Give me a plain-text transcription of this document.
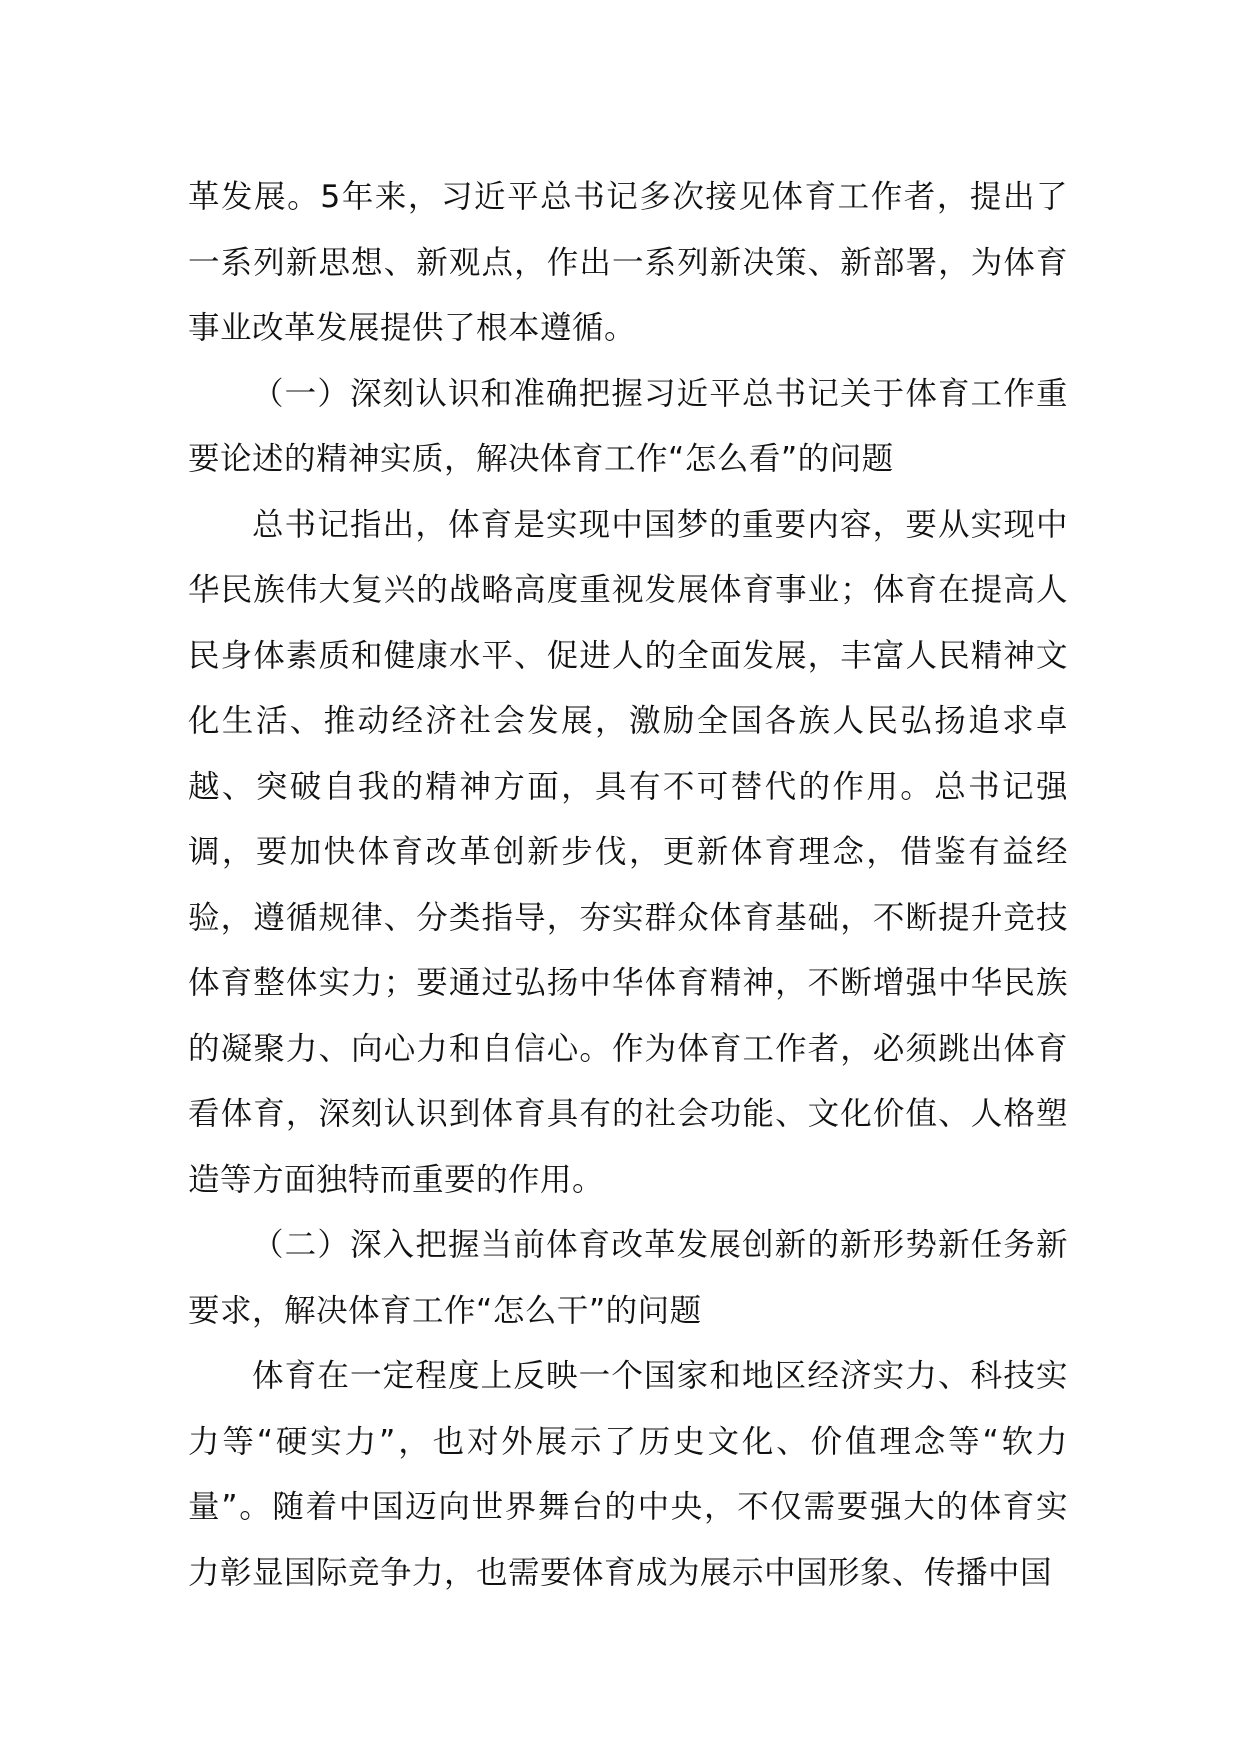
革发展。5年来，习近平总书记多次接见体育工作者，提出了一系列新思想、新观点，作出一系列新决策、新部署，为体育事业改革发展提供了根本遵循。

（一）深刻认识和准确把握习近平总书记关于体育工作重要论述的精神实质，解决体育工作“怎么看”的问题

总书记指出，体育是实现中国梦的重要内容，要从实现中华民族伟大复兴的战略高度重视发展体育事业；体育在提高人民身体素质和健康水平、促进人的全面发展，丰富人民精神文化生活、推动经济社会发展，激励全国各族人民弘扬追求卓越、突破自我的精神方面，具有不可替代的作用。总书记强调，要加快体育改革创新步伐，更新体育理念，借鉴有益经验，遵循规律、分类指导，夯实群众体育基础，不断提升竞技体育整体实力；要通过弘扬中华体育精神，不断增强中华民族的凝聚力、向心力和自信心。作为体育工作者，必须跳出体育看体育，深刻认识到体育具有的社会功能、文化价值、人格塑造等方面独特而重要的作用。

（二）深入把握当前体育改革发展创新的新形势新任务新要求，解决体育工作“怎么干”的问题

体育在一定程度上反映一个国家和地区经济实力、科技实力等“硬实力”，也对外展示了历史文化、价值理念等“软力量”。随着中国迈向世界舞台的中央，不仅需要强大的体育实力彰显国际竞争力，也需要体育成为展示中国形象、传播中国
